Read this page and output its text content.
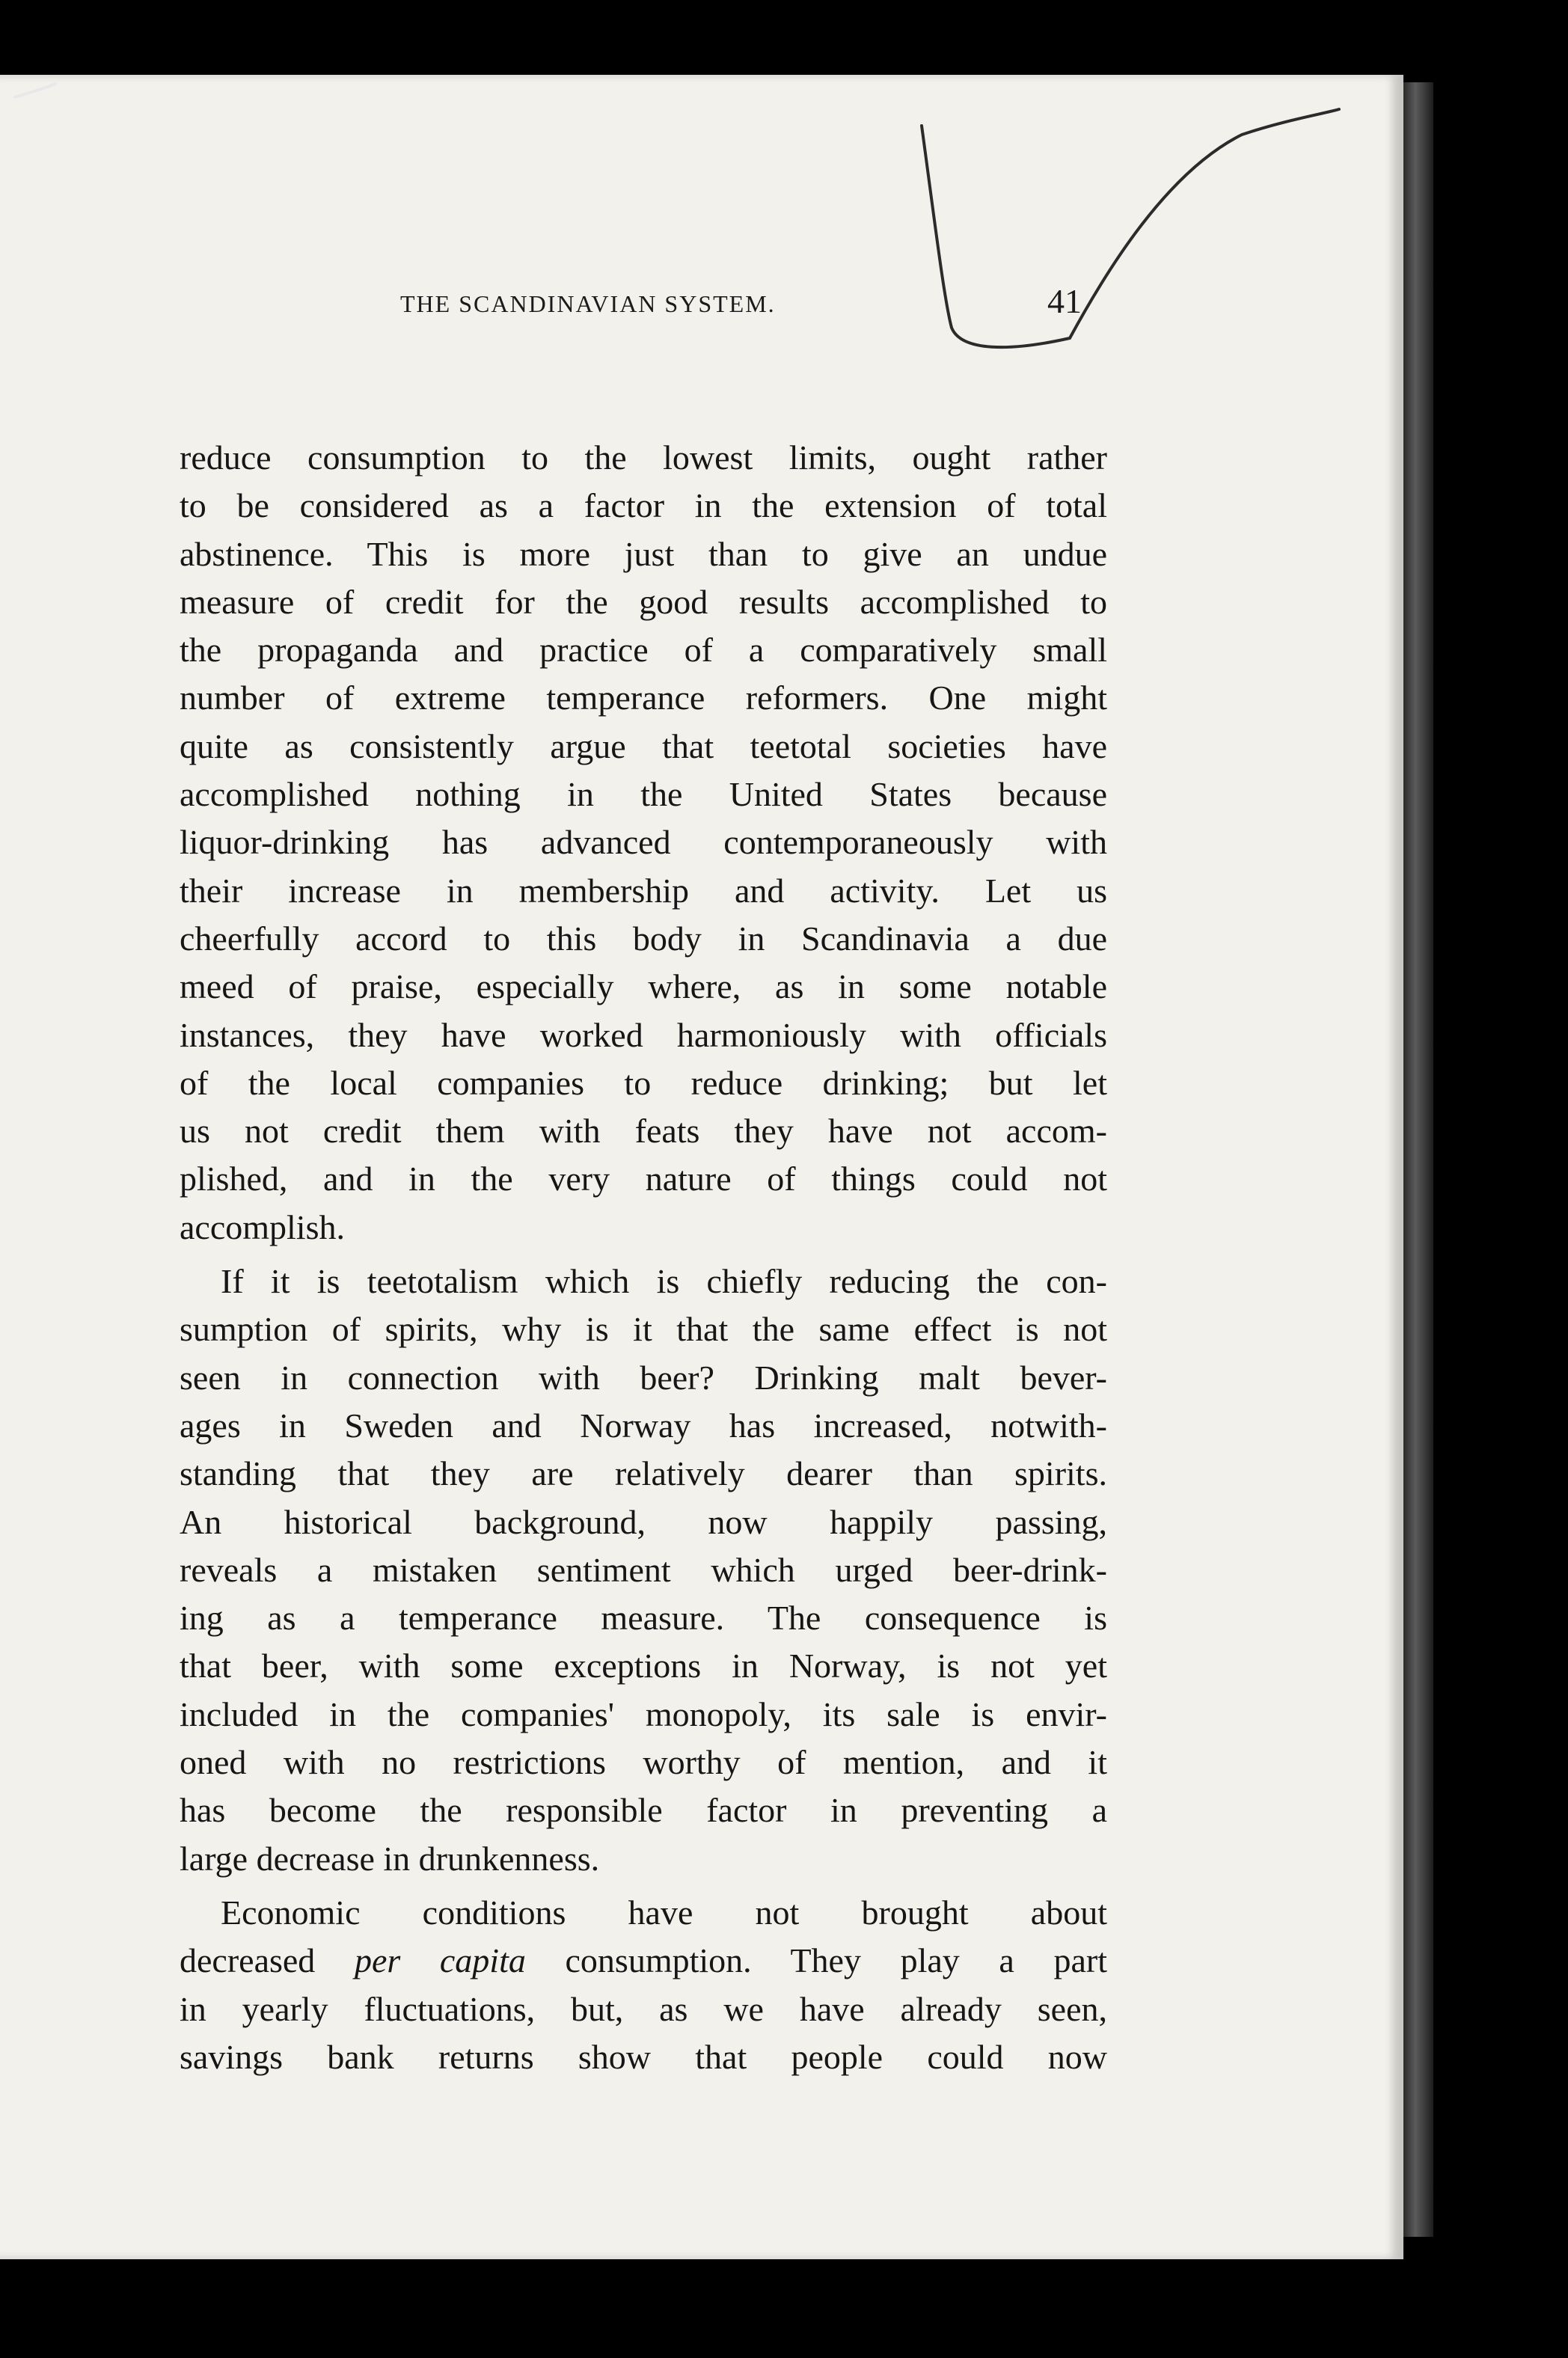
THE SCANDINAVIAN SYSTEM.	41
reduce consumption to the lowest limits, ought rather
to be considered as a factor in the extension of total
abstinence. This is more just than to give an undue
measure of credit for the good results accomplished to
the propaganda and practice of a comparatively small
number of extreme temperance reformers. One might
quite as consistently argue that teetotal societies have
accomplished nothing in the United States because
liquor-drinking has advanced contemporaneously with
their increase in membership and activity. Let us
cheerfully accord to this body in Scandinavia a due
meed of praise, especially where, as in some notable
instances, they have worked harmoniously with officials
of the local companies to reduce drinking; but let
us not credit them with feats they have not accom-
plished, and in the very nature of things could not
accomplish.
If it is teetotalism which is chiefly reducing the con-
sumption of spirits, why is it that the same effect is not
seen in connection with beer? Drinking malt bever-
ages in Sweden and Norway has increased, notwith-
standing that they are relatively dearer than spirits.
An historical background, now happily passing,
reveals a mistaken sentiment which urged beer-drink-
ing as a temperance measure. The consequence is
that beer, with some exceptions in Norway, is not yet
included in the companies' monopoly, its sale is envir-
oned with no restrictions worthy of mention, and it
has become the responsible factor in preventing a
large decrease in drunkenness.
Economic conditions have not brought about
decreased per capita consumption. They play a part
in yearly fluctuations, but, as we have already seen,
savings bank returns show that people could now
